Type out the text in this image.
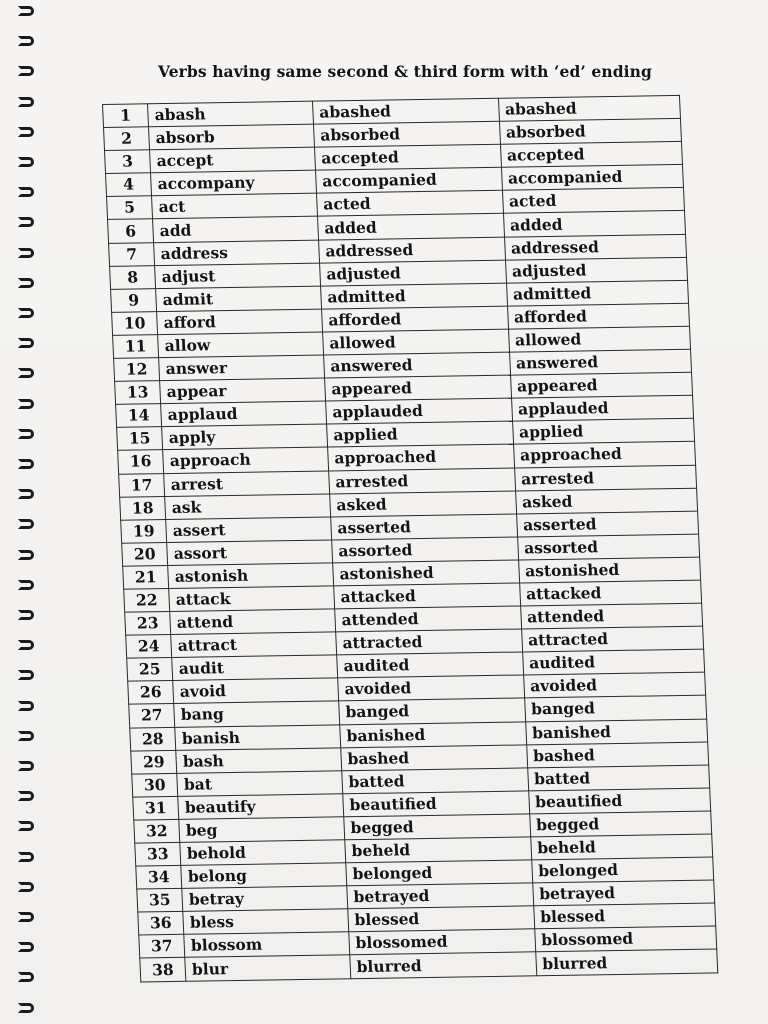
Verbs having same second & third form with ‘ed’ ending
1	abash	abashed	abashed
2	absorb	absorbed	absorbed
3	accept	accepted	accepted
4	accompany	accompanied	accompanied
5	act	acted	acted
6	add	added	added
7	address	addressed	addressed
8	adjust	adjusted	adjusted
9	admit	admitted	admitted
10	afford	afforded	afforded
11	allow	allowed	allowed
12	answer	answered	answered
13	appear	appeared	appeared
14	applaud	applauded	applauded
15	apply	applied	applied
16	approach	approached	approached
17	arrest	arrested	arrested
18	ask	asked	asked
19	assert	asserted	asserted
20	assort	assorted	assorted
21	astonish	astonished	astonished
22	attack	attacked	attacked
23	attend	attended	attended
24	attract	attracted	attracted
25	audit	audited	audited
26	avoid	avoided	avoided
27	bang	banged	banged
28	banish	banished	banished
29	bash	bashed	bashed
30	bat	batted	batted
31	beautify	beautified	beautified
32	beg	begged	begged
33	behold	beheld	beheld
34	belong	belonged	belonged
35	betray	betrayed	betrayed
36	bless	blessed	blessed
37	blossom	blossomed	blossomed
38	blur	blurred	blurred
